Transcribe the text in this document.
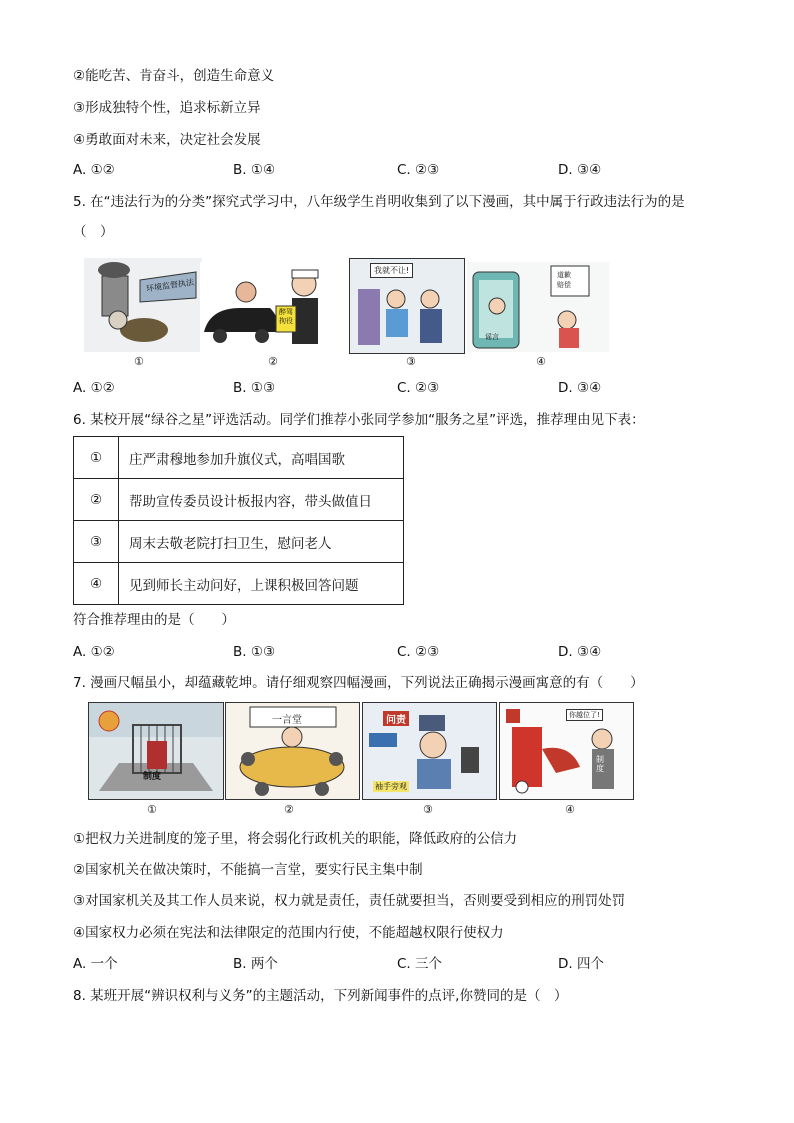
②能吃苦、肯奋斗，创造生命意义
③形成独特个性，追求标新立异
④勇敢面对未来，决定社会发展
A. ①②	B. ①④	C. ②③	D. ③④
5. 在“违法行为的分类”探究式学习中，八年级学生肖明收集到了以下漫画，其中属于行政违法行为的是
（　）
环境监督执法
①
醉驾
拘役
②
我就不让!
③
道歉
赔偿
谣言
④
A. ①②	B. ①③	C. ②③	D. ③④
6. 某校开展“绿谷之星”评选活动。同学们推荐小张同学参加“服务之星”评选，推荐理由见下表：
①	庄严肃穆地参加升旗仪式，高唱国歌
②	帮助宣传委员设计板报内容，带头做值日
③	周末去敬老院打扫卫生，慰问老人
④	见到师长主动问好，上课积极回答问题
符合推荐理由的是（　　）
A. ①②	B. ①③	C. ②③	D. ③④
7. 漫画尺幅虽小，却蕴藏乾坤。请仔细观察四幅漫画，下列说法正确揭示漫画寓意的有（　　）
制度
①
一言堂
②
问责
袖手旁观
③
你越位了!
制度
④
①把权力关进制度的笼子里，将会弱化行政机关的职能，降低政府的公信力
②国家机关在做决策时，不能搞一言堂，要实行民主集中制
③对国家机关及其工作人员来说，权力就是责任，责任就要担当，否则要受到相应的刑罚处罚
④国家权力必须在宪法和法律限定的范围内行使，不能超越权限行使权力
A. 一个	B. 两个	C. 三个	D. 四个
8. 某班开展“辨识权利与义务”的主题活动，下列新闻事件的点评,你赞同的是（　）
